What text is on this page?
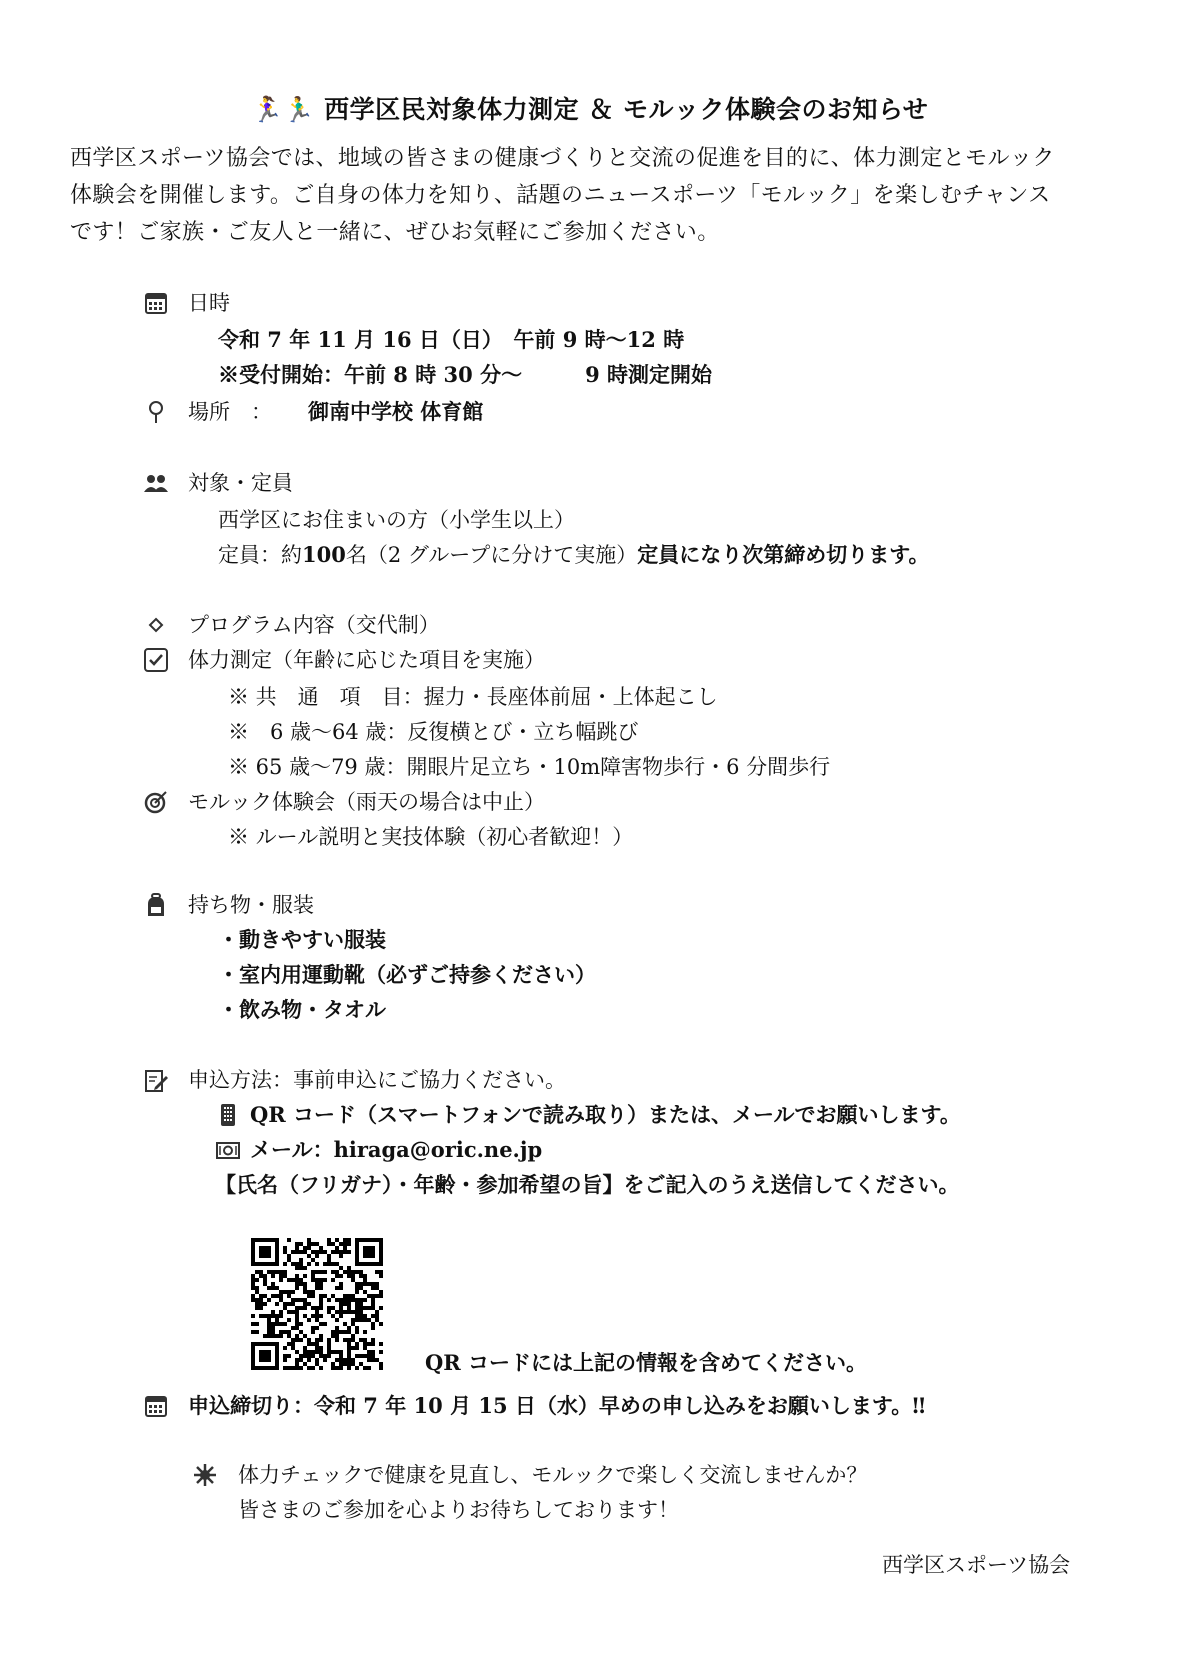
🏃‍♀️🏃‍♂️ 西学区民対象体力測定 ＆ モルック体験会のお知らせ
西学区スポーツ協会では、地域の皆さまの健康づくりと交流の促進を目的に、体力測定とモルック
体験会を開催します。ご自身の体力を知り、話題のニュースポーツ「モルック」を楽しむチャンス
です！ご家族・ご友人と一緒に、ぜひお気軽にご参加ください。
日時
令和 7 年 11 月 16 日（日）　午前 9 時〜12 時
※受付開始：午前 8 時 30 分〜　　　9 時測定開始
場所　： 御南中学校 体育館
対象・定員
西学区にお住まいの方（小学生以上）
定員：約100名（2 グループに分けて実施）定員になり次第締め切ります。
プログラム内容（交代制）
体力測定（年齢に応じた項目を実施）
※ 共　通　項　目：握力・長座体前屈・上体起こし
※　6 歳〜64 歳：反復横とび・立ち幅跳び
※ 65 歳〜79 歳：開眼片足立ち・10m障害物歩行・6 分間歩行
モルック体験会（雨天の場合は中止）
※ ルール説明と実技体験（初心者歓迎！）
持ち物・服装
・動きやすい服装
・室内用運動靴（必ずご持参ください）
・飲み物・タオル
申込方法：事前申込にご協力ください。
QR コード（スマートフォンで読み取り）または、メールでお願いします。
メール：hiraga@oric.ne.jp
【氏名（フリガナ）・年齢・参加希望の旨】をご記入のうえ送信してください。
QR コードには上記の情報を含めてください。
申込締切り：令和 7 年 10 月 15 日（水）早めの申し込みをお願いします。‼
体力チェックで健康を見直し、モルックで楽しく交流しませんか？
皆さまのご参加を心よりお待ちしております！
西学区スポーツ協会
